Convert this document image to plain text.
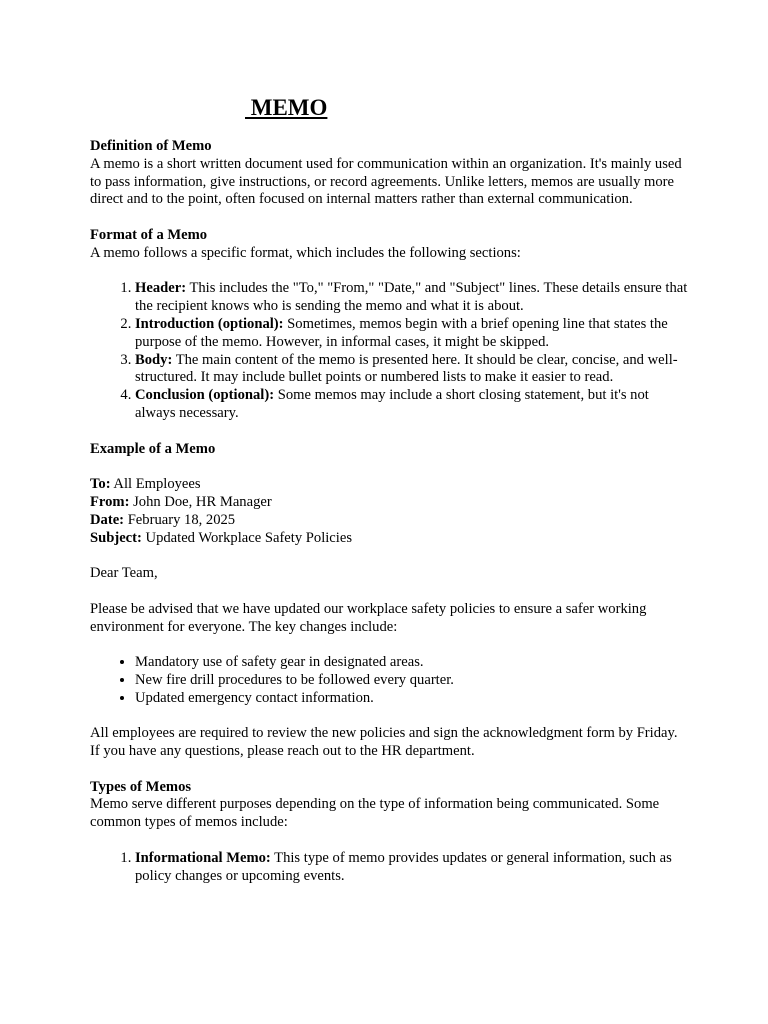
MEMO

Definition of Memo

A memo is a short written document used for communication within an organization. It's mainly used to pass information, give instructions, or record agreements. Unlike letters, memos are usually more direct and to the point, often focused on internal matters rather than external communication.

Format of a Memo

A memo follows a specific format, which includes the following sections:

1. Header: This includes the "To," "From," "Date," and "Subject" lines. These details ensure that the recipient knows who is sending the memo and what it is about.
2. Introduction (optional): Sometimes, memos begin with a brief opening line that states the purpose of the memo. However, in informal cases, it might be skipped.
3. Body: The main content of the memo is presented here. It should be clear, concise, and well-structured. It may include bullet points or numbered lists to make it easier to read.
4. Conclusion (optional): Some memos may include a short closing statement, but it's not always necessary.

Example of a Memo

To: All Employees

From: John Doe, HR Manager

Date: February 18, 2025

Subject: Updated Workplace Safety Policies

Dear Team,

Please be advised that we have updated our workplace safety policies to ensure a safer working environment for everyone. The key changes include:

• Mandatory use of safety gear in designated areas.
• New fire drill procedures to be followed every quarter.
• Updated emergency contact information.

All employees are required to review the new policies and sign the acknowledgment form by Friday. If you have any questions, please reach out to the HR department.

Types of Memos

Memo serve different purposes depending on the type of information being communicated. Some common types of memos include:

1. Informational Memo: This type of memo provides updates or general information, such as policy changes or upcoming events.
